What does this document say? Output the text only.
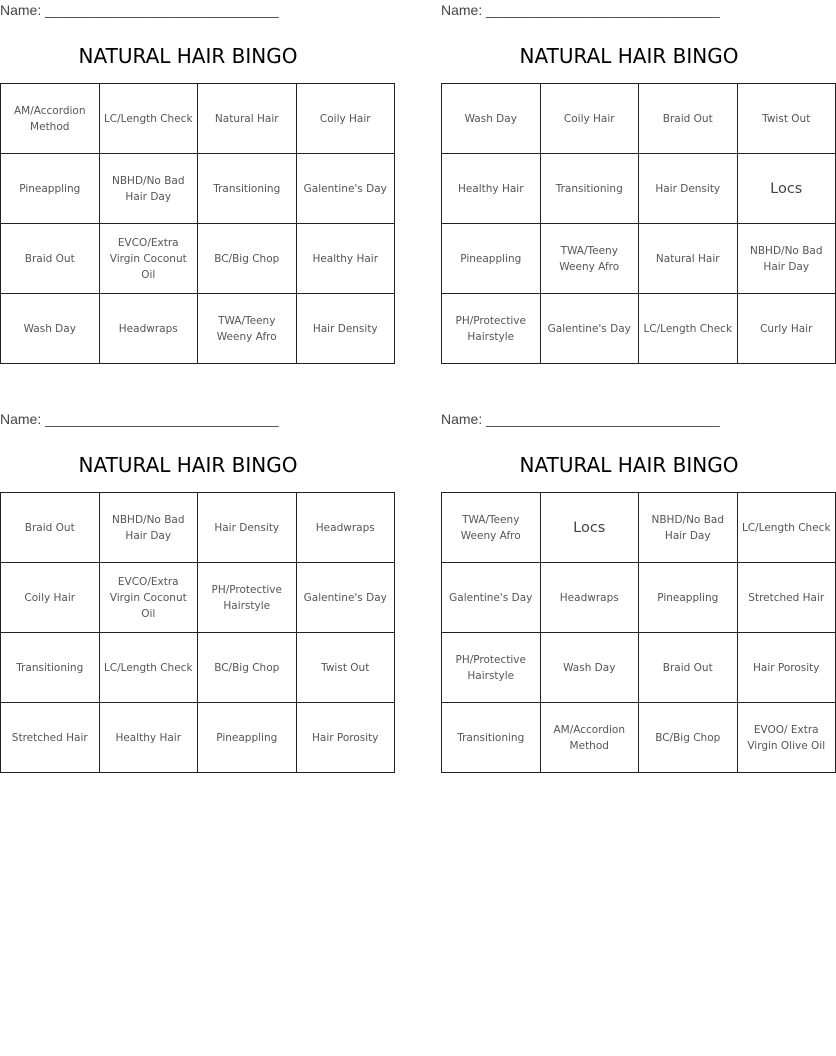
Name: ______________________________
NATURAL HAIR BINGO
AM/Accordion Method	LC/Length Check	Natural Hair	Coily Hair
Pineappling	NBHD/No Bad Hair Day	Transitioning	Galentine's Day
Braid Out	EVCO/Extra Virgin Coconut Oil	BC/Big Chop	Healthy Hair
Wash Day	Headwraps	TWA/Teeny Weeny Afro	Hair Density
Name: ______________________________
NATURAL HAIR BINGO
Wash Day	Coily Hair	Braid Out	Twist Out
Healthy Hair	Transitioning	Hair Density	Locs
Pineappling	TWA/Teeny Weeny Afro	Natural Hair	NBHD/No Bad Hair Day
PH/Protective Hairstyle	Galentine's Day	LC/Length Check	Curly Hair
Name: ______________________________
NATURAL HAIR BINGO
Braid Out	NBHD/No Bad Hair Day	Hair Density	Headwraps
Coily Hair	EVCO/Extra Virgin Coconut Oil	PH/Protective Hairstyle	Galentine's Day
Transitioning	LC/Length Check	BC/Big Chop	Twist Out
Stretched Hair	Healthy Hair	Pineappling	Hair Porosity
Name: ______________________________
NATURAL HAIR BINGO
TWA/Teeny Weeny Afro	Locs	NBHD/No Bad Hair Day	LC/Length Check
Galentine's Day	Headwraps	Pineappling	Stretched Hair
PH/Protective Hairstyle	Wash Day	Braid Out	Hair Porosity
Transitioning	AM/Accordion Method	BC/Big Chop	EVOO/ Extra Virgin Olive Oil
